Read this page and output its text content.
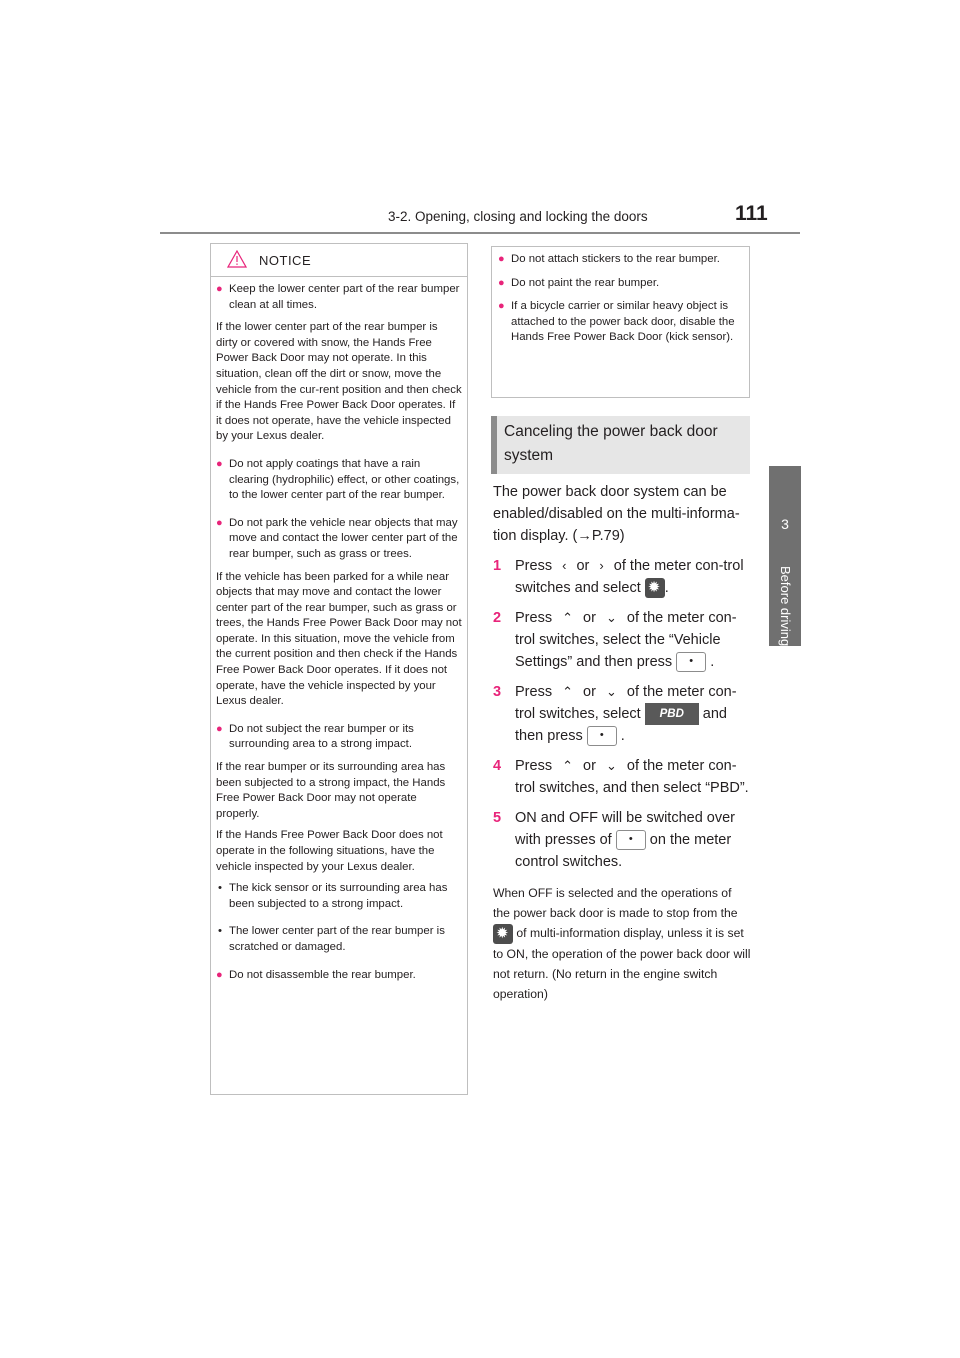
3-2. Opening, closing and locking the doors	111
3
Before driving
NOTICE

● Keep the lower center part of the rear bumper clean at all times.

If the lower center part of the rear bumper is dirty or covered with snow, the Hands Free Power Back Door may not operate. In this situation, clean off the dirt or snow, move the vehicle from the cur-rent position and then check if the Hands Free Power Back Door operates. If it does not operate, have the vehicle inspected by your Lexus dealer.

● Do not apply coatings that have a rain clearing (hydrophilic) effect, or other coatings, to the lower center part of the rear bumper.

● Do not park the vehicle near objects that may move and contact the lower center part of the rear bumper, such as grass or trees.

If the vehicle has been parked for a while near objects that may move and contact the lower center part of the rear bumper, such as grass or trees, the Hands Free Power Back Door may not operate. In this situation, move the vehicle from the current position and then check if the Hands Free Power Back Door operates. If it does not operate, have the vehicle inspected by your Lexus dealer.

● Do not subject the rear bumper or its surrounding area to a strong impact.

If the rear bumper or its surrounding area has been subjected to a strong impact, the Hands Free Power Back Door may not operate properly.

If the Hands Free Power Back Door does not operate in the following situations, have the vehicle inspected by your Lexus dealer.

• The kick sensor or its surrounding area has been subjected to a strong impact.

• The lower center part of the rear bumper is scratched or damaged.

● Do not disassemble the rear bumper.

● Do not attach stickers to the rear bumper.

● Do not paint the rear bumper.

● If a bicycle carrier or similar heavy object is attached to the power back door, disable the Hands Free Power Back Door (kick sensor).

Canceling the power back door system

The power back door system can be enabled/disabled on the multi-informa-tion display. (→P.79)

1 Press ‹ or › of the meter con-trol switches and select ✹ .

2 Press ⌃ or ⌄ of the meter con-trol switches, select the “Vehicle Settings” and then press • .

3 Press ⌃ or ⌄ of the meter con-trol switches, select PBD and then press • .

4 Press ⌃ or ⌄ of the meter con-trol switches, and then select “PBD”.

5 ON and OFF will be switched over with presses of • on the meter control switches.

When OFF is selected and the operations of the power back door is made to stop from the ✹ of multi-information display, unless it is set to ON, the operation of the power back door will not return. (No return in the engine switch operation)
